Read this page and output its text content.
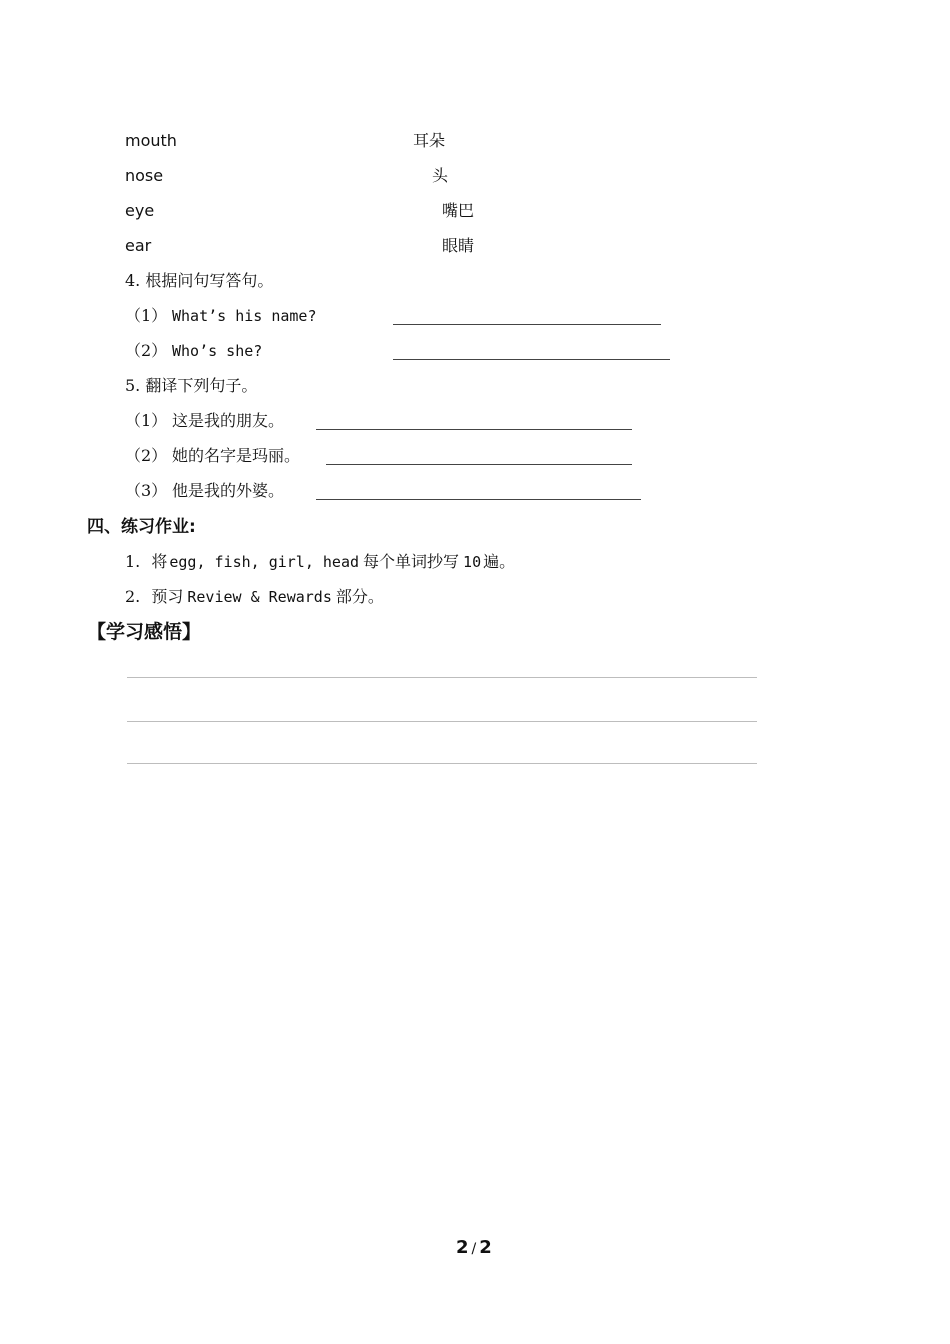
mouth
nose
eye
ear
耳朵
头
嘴巴
眼睛
4. 根据问句写答句。
（1） What’s his name?
（2） Who’s she?
5. 翻译下列句子。
（1） 这是我的朋友。
（2） 她的名字是玛丽。
（3） 他是我的外婆。
四、练习作业:
1. 将 egg, fish, girl, head 每个单词抄写 10 遍。
2. 预习 Review & Rewards 部分。
【学习感悟】
2 / 2
